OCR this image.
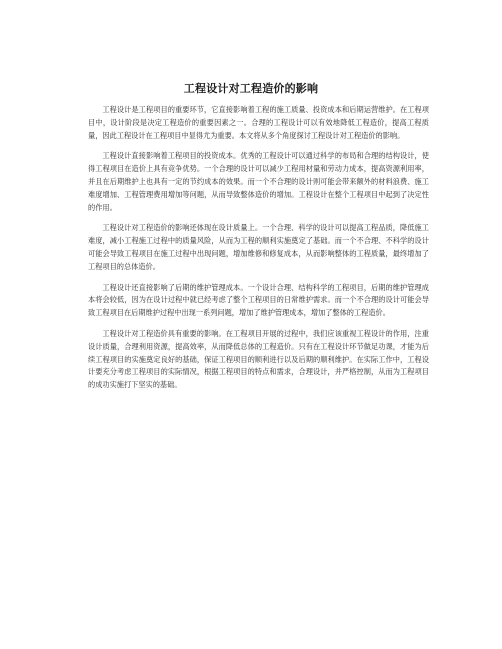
工程设计对工程造价的影响

工程设计是工程项目的重要环节，它直接影响着工程的施工质量、投资成本和后期运营维护。在工程项目中，设计阶段是决定工程造价的重要因素之一。合理的工程设计可以有效地降低工程造价，提高工程质量，因此工程设计在工程项目中显得尤为重要。本文将从多个角度探讨工程设计对工程造价的影响。

工程设计直接影响着工程项目的投资成本。优秀的工程设计可以通过科学的布局和合理的结构设计，使得工程项目在造价上具有竞争优势。一个合理的设计可以减少工程用材量和劳动力成本，提高资源利用率，并且在后期维护上也具有一定的节约成本的效果。而一个不合理的设计则可能会带来额外的材料浪费、施工难度增加、工程管理费用增加等问题，从而导致整体造价的增加。工程设计在整个工程项目中起到了决定性的作用。

工程设计对工程造价的影响还体现在设计质量上。一个合理、科学的设计可以提高工程品质，降低施工难度，减小工程施工过程中的质量风险，从而为工程的顺利实施奠定了基础。而一个不合理、不科学的设计可能会导致工程项目在施工过程中出现问题，增加维修和修复成本，从而影响整体的工程质量，最终增加了工程项目的总体造价。

工程设计还直接影响了后期的维护管理成本。一个设计合理、结构科学的工程项目，后期的维护管理成本将会较低，因为在设计过程中就已经考虑了整个工程项目的日常维护需求。而一个不合理的设计可能会导致工程项目在后期维护过程中出现一系列问题，增加了维护管理成本，增加了整体的工程造价。

工程设计对工程造价具有重要的影响。在工程项目开展的过程中，我们应该重视工程设计的作用，注重设计质量，合理利用资源，提高效率，从而降低总体的工程造价。只有在工程设计环节做足功课，才能为后续工程项目的实施奠定良好的基础，保证工程项目的顺利进行以及后期的顺利维护。在实际工作中，工程设计要充分考虑工程项目的实际情况，根据工程项目的特点和需求，合理设计，并严格控制，从而为工程项目的成功实施打下坚实的基础。
